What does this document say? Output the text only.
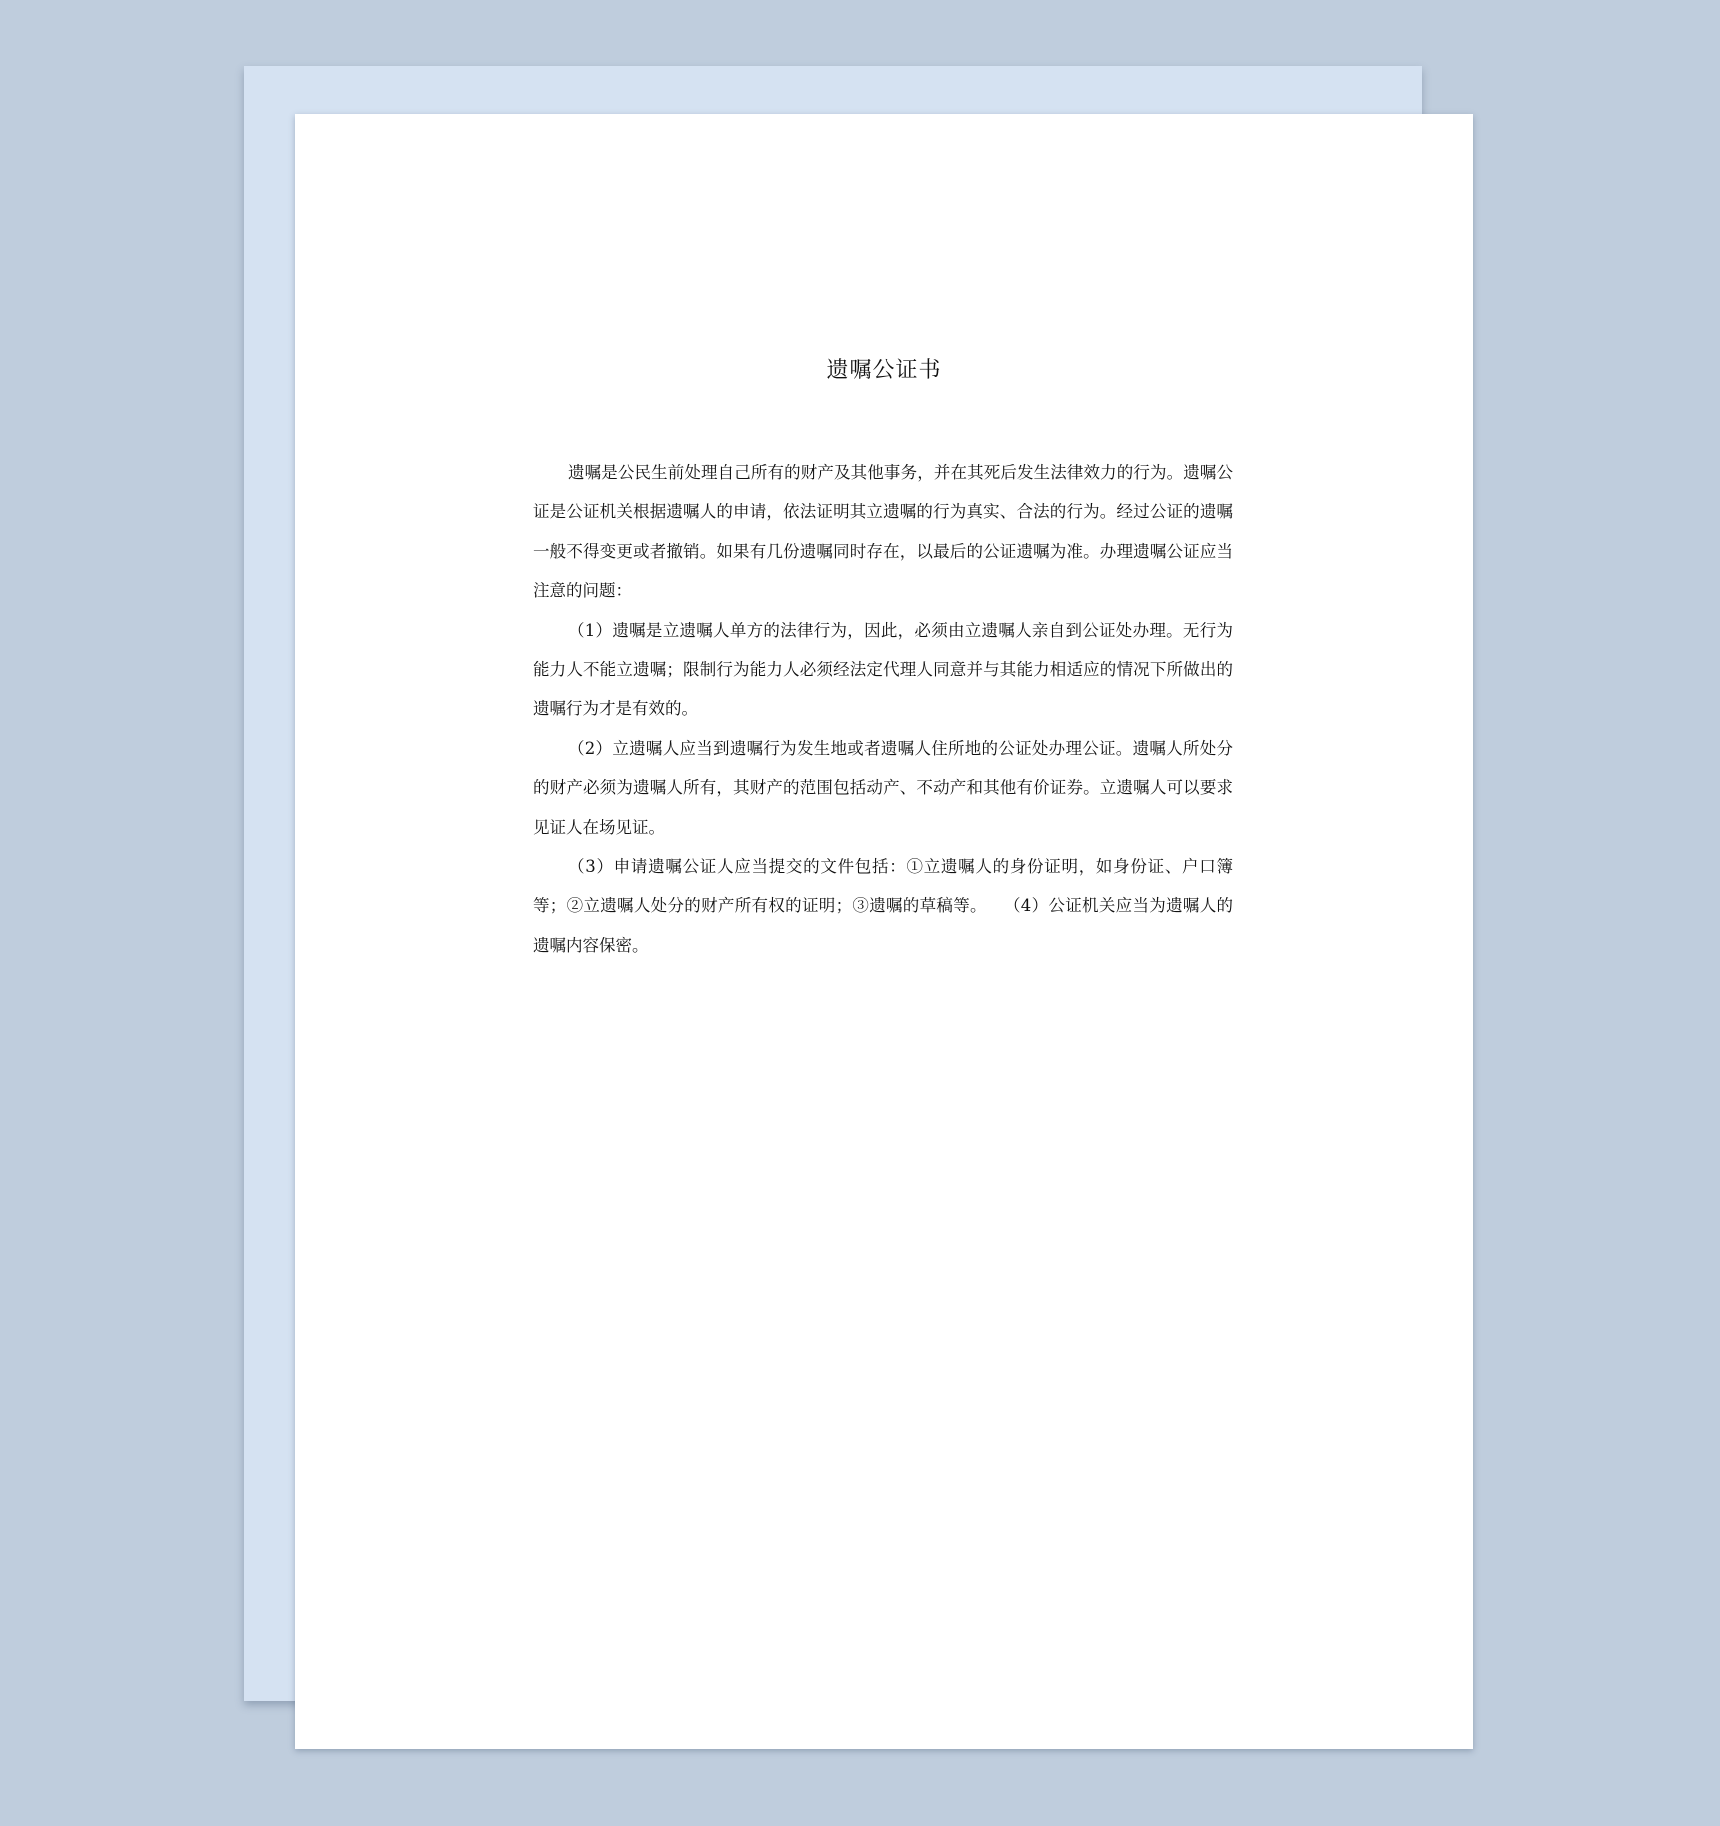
遗嘱公证书

遗嘱是公民生前处理自己所有的财产及其他事务，并在其死后发生法律效力的行为。遗嘱公证是公证机关根据遗嘱人的申请，依法证明其立遗嘱的行为真实、合法的行为。经过公证的遗嘱一般不得变更或者撤销。如果有几份遗嘱同时存在，以最后的公证遗嘱为准。办理遗嘱公证应当注意的问题：

（1）遗嘱是立遗嘱人单方的法律行为，因此，必须由立遗嘱人亲自到公证处办理。无行为能力人不能立遗嘱；限制行为能力人必须经法定代理人同意并与其能力相适应的情况下所做出的遗嘱行为才是有效的。

（2）立遗嘱人应当到遗嘱行为发生地或者遗嘱人住所地的公证处办理公证。遗嘱人所处分的财产必须为遗嘱人所有，其财产的范围包括动产、不动产和其他有价证券。立遗嘱人可以要求见证人在场见证。

（3）申请遗嘱公证人应当提交的文件包括：①立遗嘱人的身份证明，如身份证、户口簿等；②立遗嘱人处分的财产所有权的证明；③遗嘱的草稿等。　　（4）公证机关应当为遗嘱人的遗嘱内容保密。
